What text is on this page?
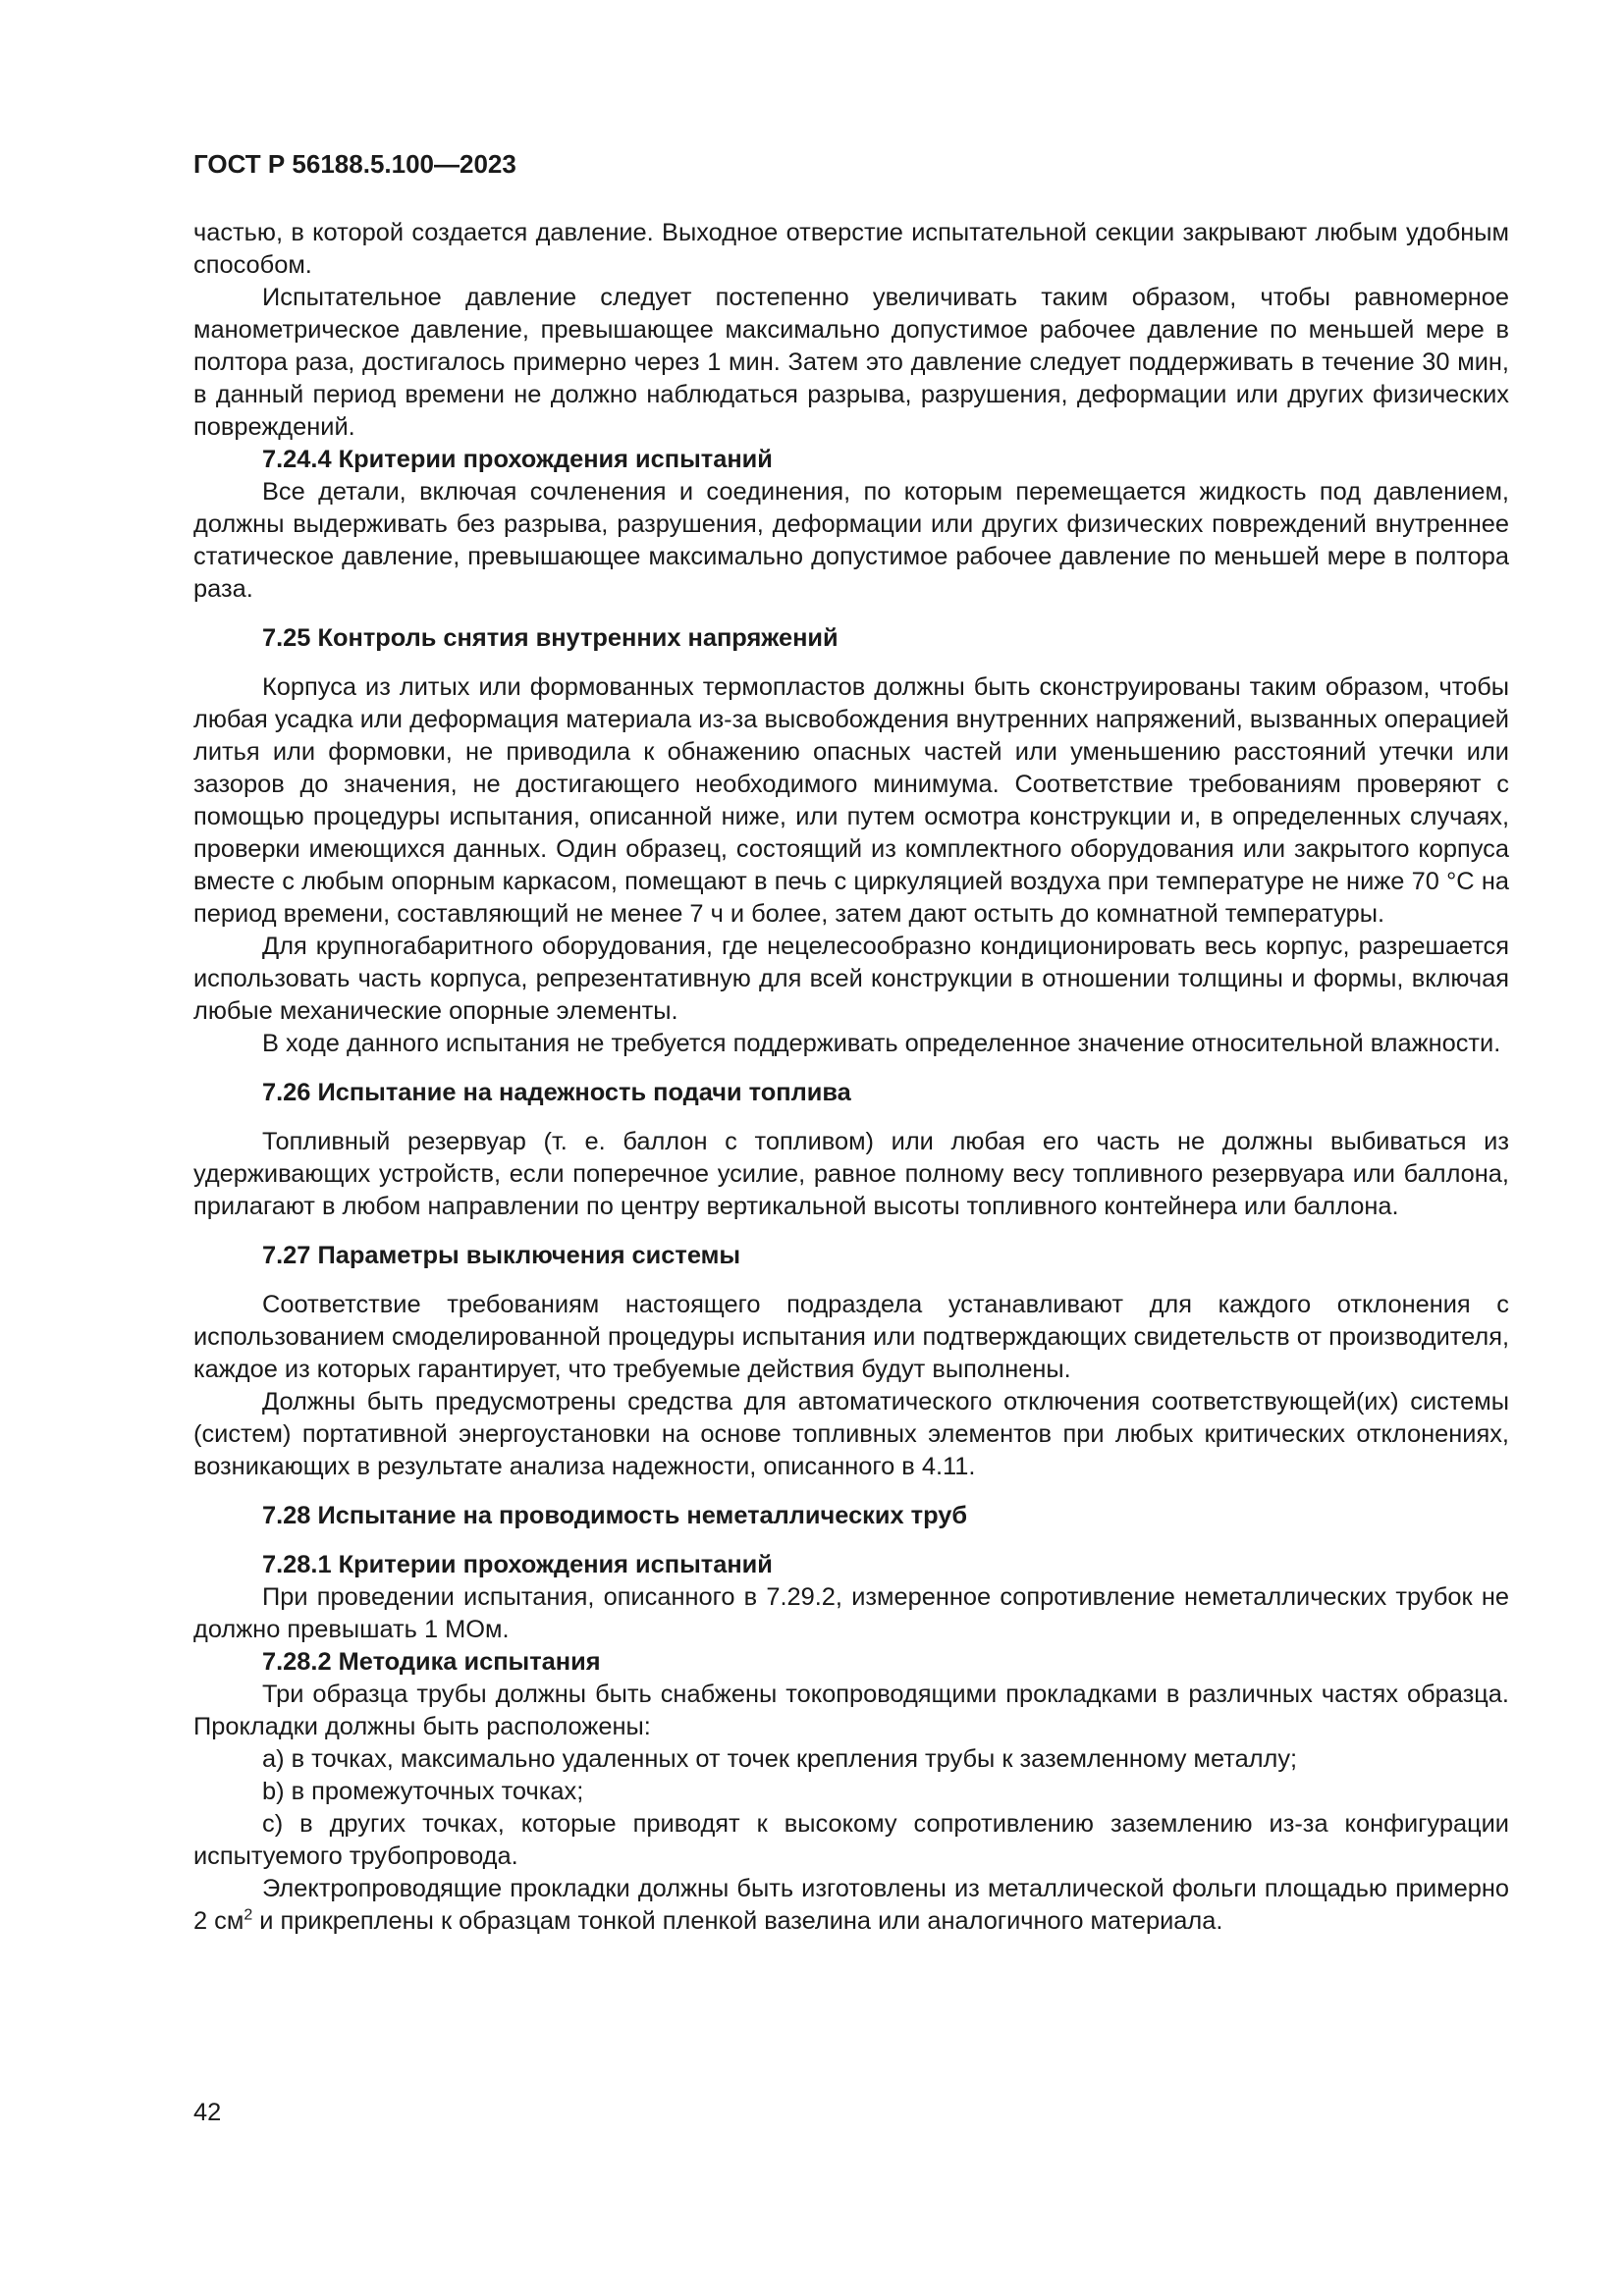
ГОСТ Р 56188.5.100—2023

частью, в которой создается давление. Выходное отверстие испытательной секции закрывают любым удобным способом.

Испытательное давление следует постепенно увеличивать таким образом, чтобы равномерное манометрическое давление, превышающее максимально допустимое рабочее давление по меньшей мере в полтора раза, достигалось примерно через 1 мин. Затем это давление следует поддерживать в течение 30 мин, в данный период времени не должно наблюдаться разрыва, разрушения, деформации или других физических повреждений.

7.24.4 Критерии прохождения испытаний

Все детали, включая сочленения и соединения, по которым перемещается жидкость под давлением, должны выдерживать без разрыва, разрушения, деформации или других физических повреждений внутреннее статическое давление, превышающее максимально допустимое рабочее давление по меньшей мере в полтора раза.

7.25 Контроль снятия внутренних напряжений

Корпуса из литых или формованных термопластов должны быть сконструированы таким образом, чтобы любая усадка или деформация материала из-за высвобождения внутренних напряжений, вызванных операцией литья или формовки, не приводила к обнажению опасных частей или уменьшению расстояний утечки или зазоров до значения, не достигающего необходимого минимума. Соответствие требованиям проверяют с помощью процедуры испытания, описанной ниже, или путем осмотра конструкции и, в определенных случаях, проверки имеющихся данных. Один образец, состоящий из комплектного оборудования или закрытого корпуса вместе с любым опорным каркасом, помещают в печь с циркуляцией воздуха при температуре не ниже 70 °C на период времени, составляющий не менее 7 ч и более, затем дают остыть до комнатной температуры.

Для крупногабаритного оборудования, где нецелесообразно кондиционировать весь корпус, разрешается использовать часть корпуса, репрезентативную для всей конструкции в отношении толщины и формы, включая любые механические опорные элементы.

В ходе данного испытания не требуется поддерживать определенное значение относительной влажности.

7.26 Испытание на надежность подачи топлива

Топливный резервуар (т. е. баллон с топливом) или любая его часть не должны выбиваться из удерживающих устройств, если поперечное усилие, равное полному весу топливного резервуара или баллона, прилагают в любом направлении по центру вертикальной высоты топливного контейнера или баллона.

7.27 Параметры выключения системы

Соответствие требованиям настоящего подраздела устанавливают для каждого отклонения с использованием смоделированной процедуры испытания или подтверждающих свидетельств от производителя, каждое из которых гарантирует, что требуемые действия будут выполнены.

Должны быть предусмотрены средства для автоматического отключения соответствующей(их) системы (систем) портативной энергоустановки на основе топливных элементов при любых критических отклонениях, возникающих в результате анализа надежности, описанного в 4.11.

7.28 Испытание на проводимость неметаллических труб
7.28.1 Критерии прохождения испытаний

При проведении испытания, описанного в 7.29.2, измеренное сопротивление неметаллических трубок не должно превышать 1 МОм.

7.28.2 Методика испытания

Три образца трубы должны быть снабжены токопроводящими прокладками в различных частях образца. Прокладки должны быть расположены:

a) в точках, максимально удаленных от точек крепления трубы к заземленному металлу;

b) в промежуточных точках;

c) в других точках, которые приводят к высокому сопротивлению заземлению из-за конфигурации испытуемого трубопровода.

Электропроводящие прокладки должны быть изготовлены из металлической фольги площадью примерно 2 $см^2$ и прикреплены к образцам тонкой пленкой вазелина или аналогичного материала.

42
